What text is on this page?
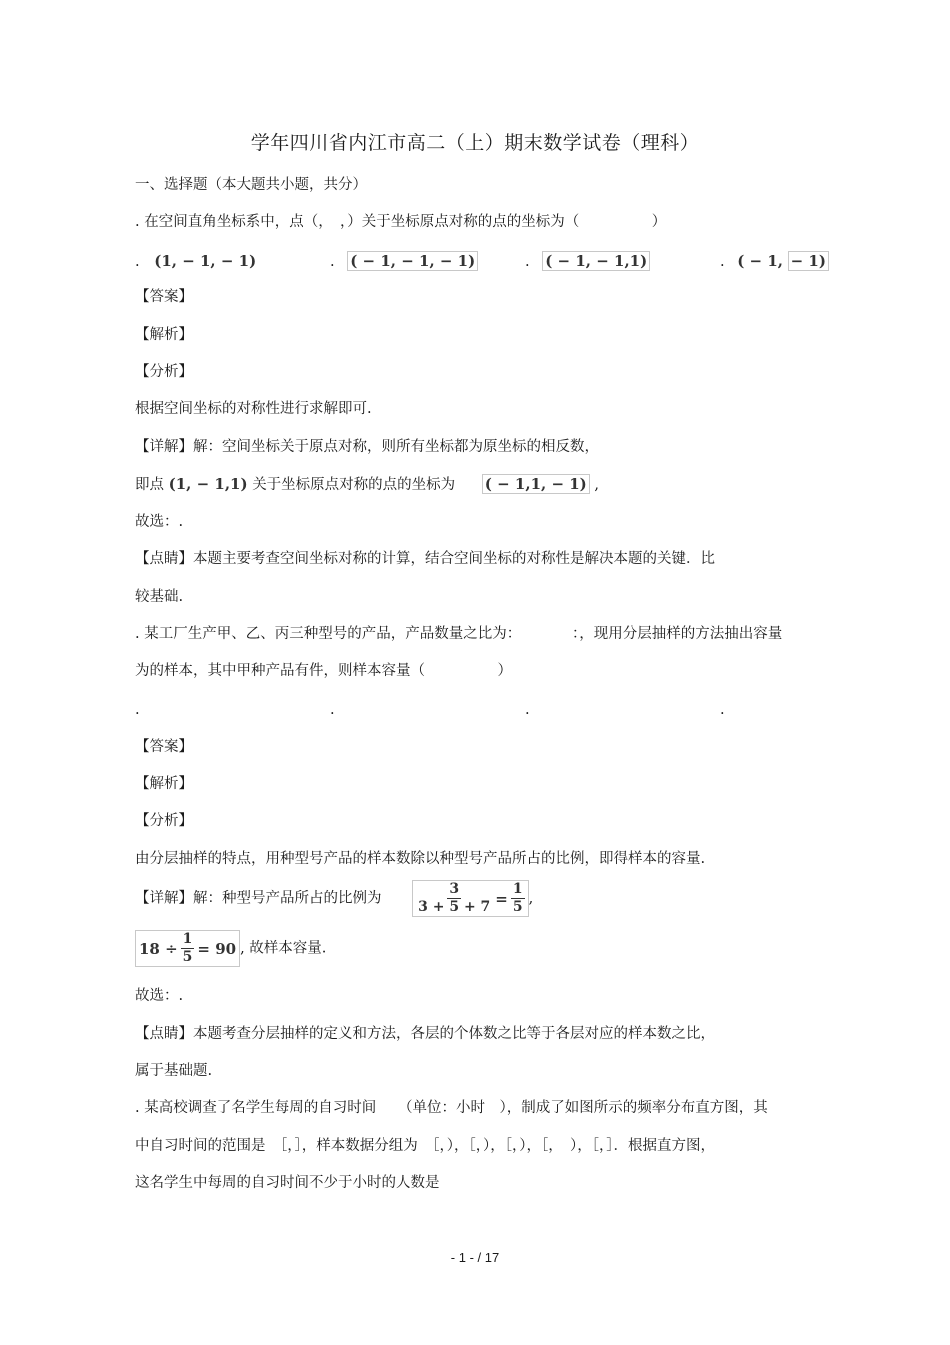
学年四川省内江市高二（上）期末数学试卷（理科）
一、选择题（本大题共小题，共分）
. 在空间直角坐标系中，点（，　，）关于坐标原点对称的点的坐标为（　　　　　）
. (1, − 1, − 1)	. ( − 1, − 1, − 1)	. ( − 1, − 1,1)	. ( − 1, − 1)
【答案】
【解析】
【分析】
根据空间坐标的对称性进行求解即可.
【详解】解：空间坐标关于原点对称，则所有坐标都为原坐标的相反数，
即点 (1, − 1,1) 关于坐标原点对称的点的坐标为 ( − 1,1, − 1) ,
故选：.
【点睛】本题主要考查空间坐标对称的计算，结合空间坐标的对称性是解决本题的关键．比
较基础.
. 某工厂生产甲、乙、丙三种型号的产品，产品数量之比为：　　　　：，现用分层抽样的方法抽出容量
为的样本，其中甲种产品有件，则样本容量（　　　　　）
.	.	.	.
【答案】
【解析】
【分析】
由分层抽样的特点，用种型号产品的样本数除以种型号产品所占的比例，即得样本的容量.
【详解】解：种型号产品所占的比例为 $\frac{3}{3 + 5 + 7} = \frac{1}{5}$ ,
$18 \div \frac{1}{5} = 90$ , 故样本容量.
故选：.
【点睛】本题考查分层抽样的定义和方法，各层的个体数之比等于各层对应的样本数之比，
属于基础题.
. 某高校调查了名学生每周的自习时间　　（单位：小时　），制成了如图所示的频率分布直方图，其
中自习时间的范围是　［，］，样本数据分组为　［，），［，），［，），［，　），［，］．根据直方图，
这名学生中每周的自习时间不少于小时的人数是
- 1 - / 17
